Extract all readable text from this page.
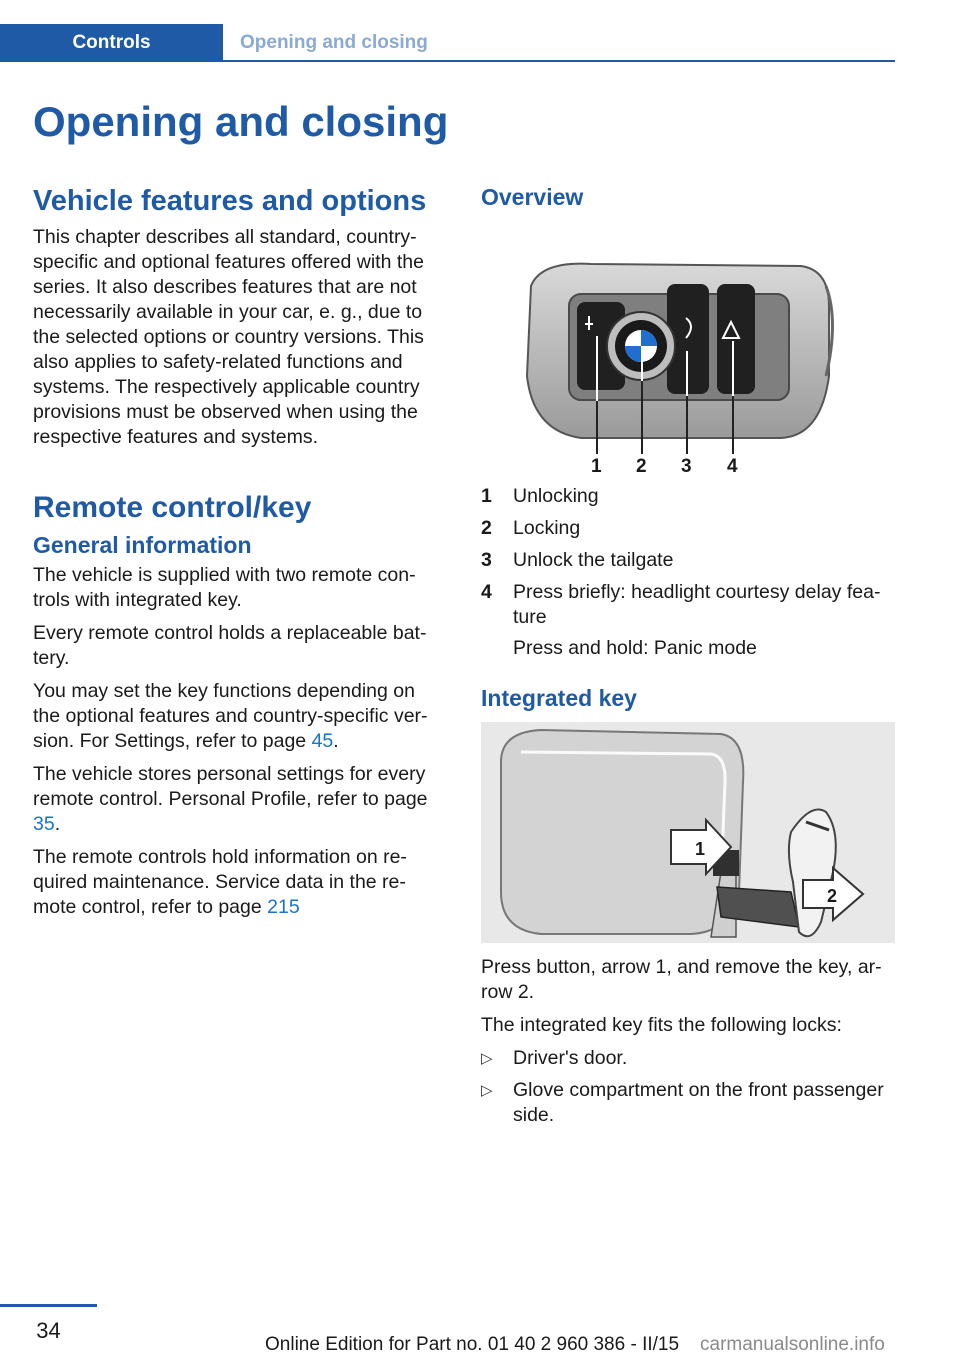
Controls	Opening and closing
Opening and closing
Vehicle features and options

This chapter describes all standard, country-specific and optional features offered with the series. It also describes features that are not necessarily available in your car, e. g., due to the selected options or country versions. This also applies to safety-related functions and systems. The respectively applicable country provisions must be observed when using the respective features and systems.

Remote control/key
General information

The vehicle is supplied with two remote con-trols with integrated key.

Every remote control holds a replaceable bat-tery.

You may set the key functions depending on the optional features and country-specific ver-sion. For Settings, refer to page 45.

The vehicle stores personal settings for every remote control. Personal Profile, refer to page 35.

The remote controls hold information on re-quired maintenance. Service data in the re-mote control, refer to page 215

Overview
1 2 3 4
1	Unlocking
2	Locking
3	Unlock the tailgate
4	Press briefly: headlight courtesy delay fea-ture
Press and hold: Panic mode
Integrated key
1
2

Press button, arrow 1, and remove the key, ar-row 2.

The integrated key fits the following locks:

▷	Driver's door.
▷	Glove compartment on the front passenger side.
34
Online Edition for Part no. 01 40 2 960 386 - II/15 carmanualsonline.info
